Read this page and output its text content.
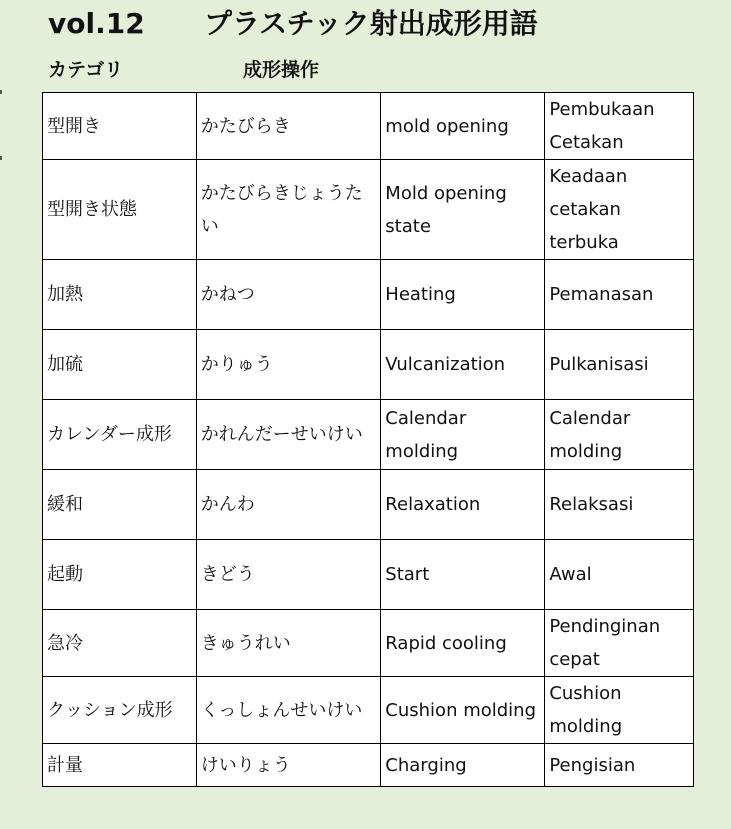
vol.12 プラスチック射出成形用語
カテゴリ	成形操作
型開き	かたびらき	mold opening	Pembukaan Cetakan
型開き状態	かたびらきじょうたい	Mold opening state	Keadaan cetakan terbuka
加熱	かねつ	Heating	Pemanasan
加硫	かりゅう	Vulcanization	Pulkanisasi
カレンダー成形	かれんだーせいけい	Calendar molding	Calendar molding
緩和	かんわ	Relaxation	Relaksasi
起動	きどう	Start	Awal
急冷	きゅうれい	Rapid cooling	Pendinginan cepat
クッション成形	くっしょんせいけい	Cushion molding	Cushion molding
計量	けいりょう	Charging	Pengisian
